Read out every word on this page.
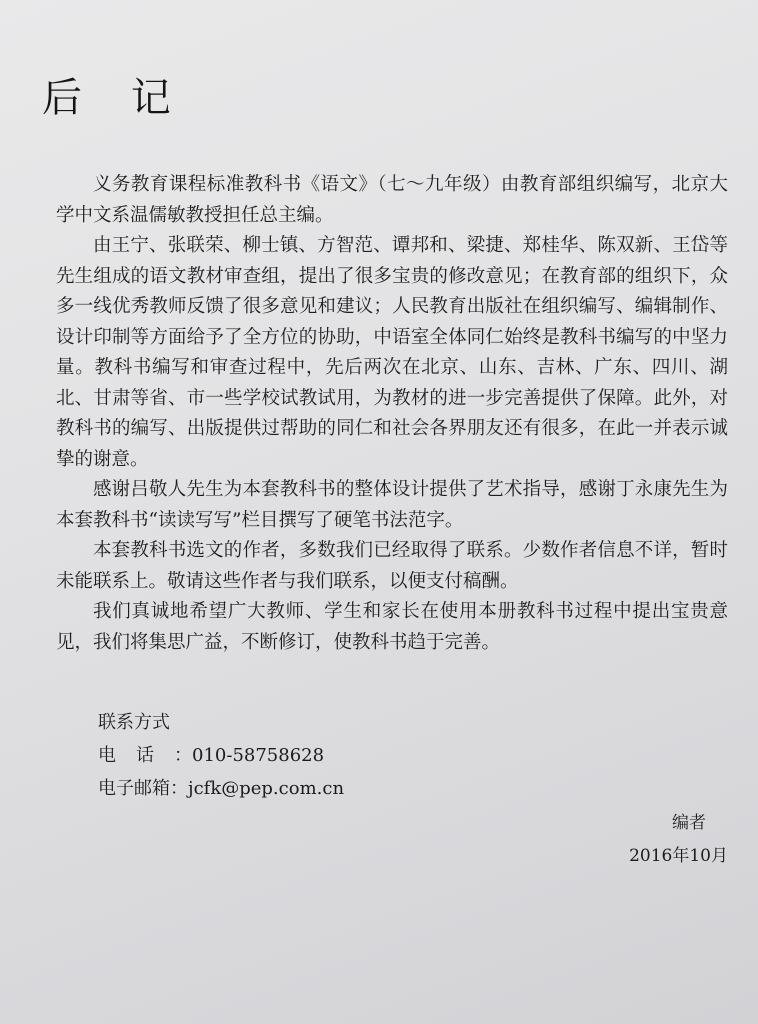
后 记

义务教育课程标准教科书《语文》（七～九年级）由教育部组织编写，北京大学中文系温儒敏教授担任总主编。

由王宁、张联荣、柳士镇、方智范、谭邦和、梁捷、郑桂华、陈双新、王岱等先生组成的语文教材审查组，提出了很多宝贵的修改意见；在教育部的组织下，众多一线优秀教师反馈了很多意见和建议；人民教育出版社在组织编写、编辑制作、设计印制等方面给予了全方位的协助，中语室全体同仁始终是教科书编写的中坚力量。教科书编写和审查过程中，先后两次在北京、山东、吉林、广东、四川、湖北、甘肃等省、市一些学校试教试用，为教材的进一步完善提供了保障。此外，对教科书的编写、出版提供过帮助的同仁和社会各界朋友还有很多，在此一并表示诚挚的谢意。

感谢吕敬人先生为本套教科书的整体设计提供了艺术指导，感谢丁永康先生为本套教科书“读读写写”栏目撰写了硬笔书法范字。

本套教科书选文的作者，多数我们已经取得了联系。少数作者信息不详，暂时未能联系上。敬请这些作者与我们联系，以便支付稿酬。

我们真诚地希望广大教师、学生和家长在使用本册教科书过程中提出宝贵意见，我们将集思广益，不断修订，使教科书趋于完善。

联系方式
电话：010-58758628
电子邮箱：jcfk@pep.com.cn
编者
2016年10月
